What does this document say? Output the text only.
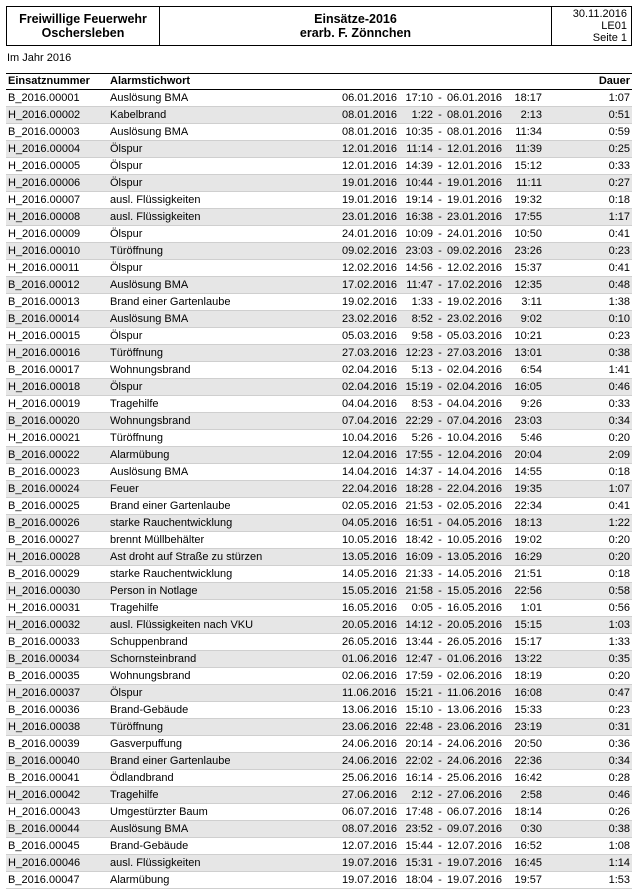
Freiwillige Feuerwehr
Oschersleben
Einsätze-2016
erarb. F. Zönnchen
30.11.2016
LE01
Seite 1
Im Jahr 2016
Einsatznummer	Alarmstichwort	Dauer
B_2016.00001	Auslösung BMA	06.01.2016 17:10 - 06.01.2016	18:17	1:07
H_2016.00002	Kabelbrand	08.01.2016	1:22 - 08.01.2016	2:13	0:51
B_2016.00003	Auslösung BMA	08.01.2016 10:35 - 08.01.2016	11:34	0:59
H_2016.00004	Ölspur	12.01.2016 11:14 - 12.01.2016	11:39	0:25
H_2016.00005	Ölspur	12.01.2016 14:39 - 12.01.2016	15:12	0:33
H_2016.00006	Ölspur	19.01.2016 10:44 - 19.01.2016	11:11	0:27
H_2016.00007	ausl. Flüssigkeiten	19.01.2016 19:14 - 19.01.2016	19:32	0:18
H_2016.00008	ausl. Flüssigkeiten	23.01.2016 16:38 - 23.01.2016	17:55	1:17
H_2016.00009	Ölspur	24.01.2016 10:09 - 24.01.2016	10:50	0:41
H_2016.00010	Türöffnung	09.02.2016 23:03 - 09.02.2016	23:26	0:23
H_2016.00011	Ölspur	12.02.2016 14:56 - 12.02.2016	15:37	0:41
B_2016.00012	Auslösung BMA	17.02.2016 11:47 - 17.02.2016	12:35	0:48
B_2016.00013	Brand einer Gartenlaube	19.02.2016	1:33 - 19.02.2016	3:11	1:38
B_2016.00014	Auslösung BMA	23.02.2016	8:52 - 23.02.2016	9:02	0:10
H_2016.00015	Ölspur	05.03.2016	9:58 - 05.03.2016	10:21	0:23
H_2016.00016	Türöffnung	27.03.2016 12:23 - 27.03.2016	13:01	0:38
B_2016.00017	Wohnungsbrand	02.04.2016	5:13 - 02.04.2016	6:54	1:41
H_2016.00018	Ölspur	02.04.2016 15:19 - 02.04.2016	16:05	0:46
H_2016.00019	Tragehilfe	04.04.2016	8:53 - 04.04.2016	9:26	0:33
B_2016.00020	Wohnungsbrand	07.04.2016 22:29 - 07.04.2016	23:03	0:34
H_2016.00021	Türöffnung	10.04.2016	5:26 - 10.04.2016	5:46	0:20
B_2016.00022	Alarmübung	12.04.2016 17:55 - 12.04.2016	20:04	2:09
B_2016.00023	Auslösung BMA	14.04.2016 14:37 - 14.04.2016	14:55	0:18
B_2016.00024	Feuer	22.04.2016 18:28 - 22.04.2016	19:35	1:07
B_2016.00025	Brand einer Gartenlaube	02.05.2016 21:53 - 02.05.2016	22:34	0:41
B_2016.00026	starke Rauchentwicklung	04.05.2016 16:51 - 04.05.2016	18:13	1:22
B_2016.00027	brennt Müllbehälter	10.05.2016 18:42 - 10.05.2016	19:02	0:20
H_2016.00028	Ast droht auf Straße zu stürzen	13.05.2016 16:09 - 13.05.2016	16:29	0:20
B_2016.00029	starke Rauchentwicklung	14.05.2016 21:33 - 14.05.2016	21:51	0:18
H_2016.00030	Person in Notlage	15.05.2016 21:58 - 15.05.2016	22:56	0:58
H_2016.00031	Tragehilfe	16.05.2016	0:05 - 16.05.2016	1:01	0:56
H_2016.00032	ausl. Flüssigkeiten nach VKU	20.05.2016 14:12 - 20.05.2016	15:15	1:03
B_2016.00033	Schuppenbrand	26.05.2016 13:44 - 26.05.2016	15:17	1:33
B_2016.00034	Schornsteinbrand	01.06.2016 12:47 - 01.06.2016	13:22	0:35
B_2016.00035	Wohnungsbrand	02.06.2016 17:59 - 02.06.2016	18:19	0:20
H_2016.00037	Ölspur	11.06.2016 15:21 - 11.06.2016	16:08	0:47
B_2016.00036	Brand-Gebäude	13.06.2016 15:10 - 13.06.2016	15:33	0:23
H_2016.00038	Türöffnung	23.06.2016 22:48 - 23.06.2016	23:19	0:31
B_2016.00039	Gasverpuffung	24.06.2016 20:14 - 24.06.2016	20:50	0:36
B_2016.00040	Brand einer Gartenlaube	24.06.2016 22:02 - 24.06.2016	22:36	0:34
B_2016.00041	Ödlandbrand	25.06.2016 16:14 - 25.06.2016	16:42	0:28
H_2016.00042	Tragehilfe	27.06.2016	2:12 - 27.06.2016	2:58	0:46
H_2016.00043	Umgestürzter Baum	06.07.2016 17:48 - 06.07.2016	18:14	0:26
B_2016.00044	Auslösung BMA	08.07.2016 23:52 - 09.07.2016	0:30	0:38
B_2016.00045	Brand-Gebäude	12.07.2016 15:44 - 12.07.2016	16:52	1:08
H_2016.00046	ausl. Flüssigkeiten	19.07.2016 15:31 - 19.07.2016	16:45	1:14
B_2016.00047	Alarmübung	19.07.2016 18:04 - 19.07.2016	19:57	1:53
